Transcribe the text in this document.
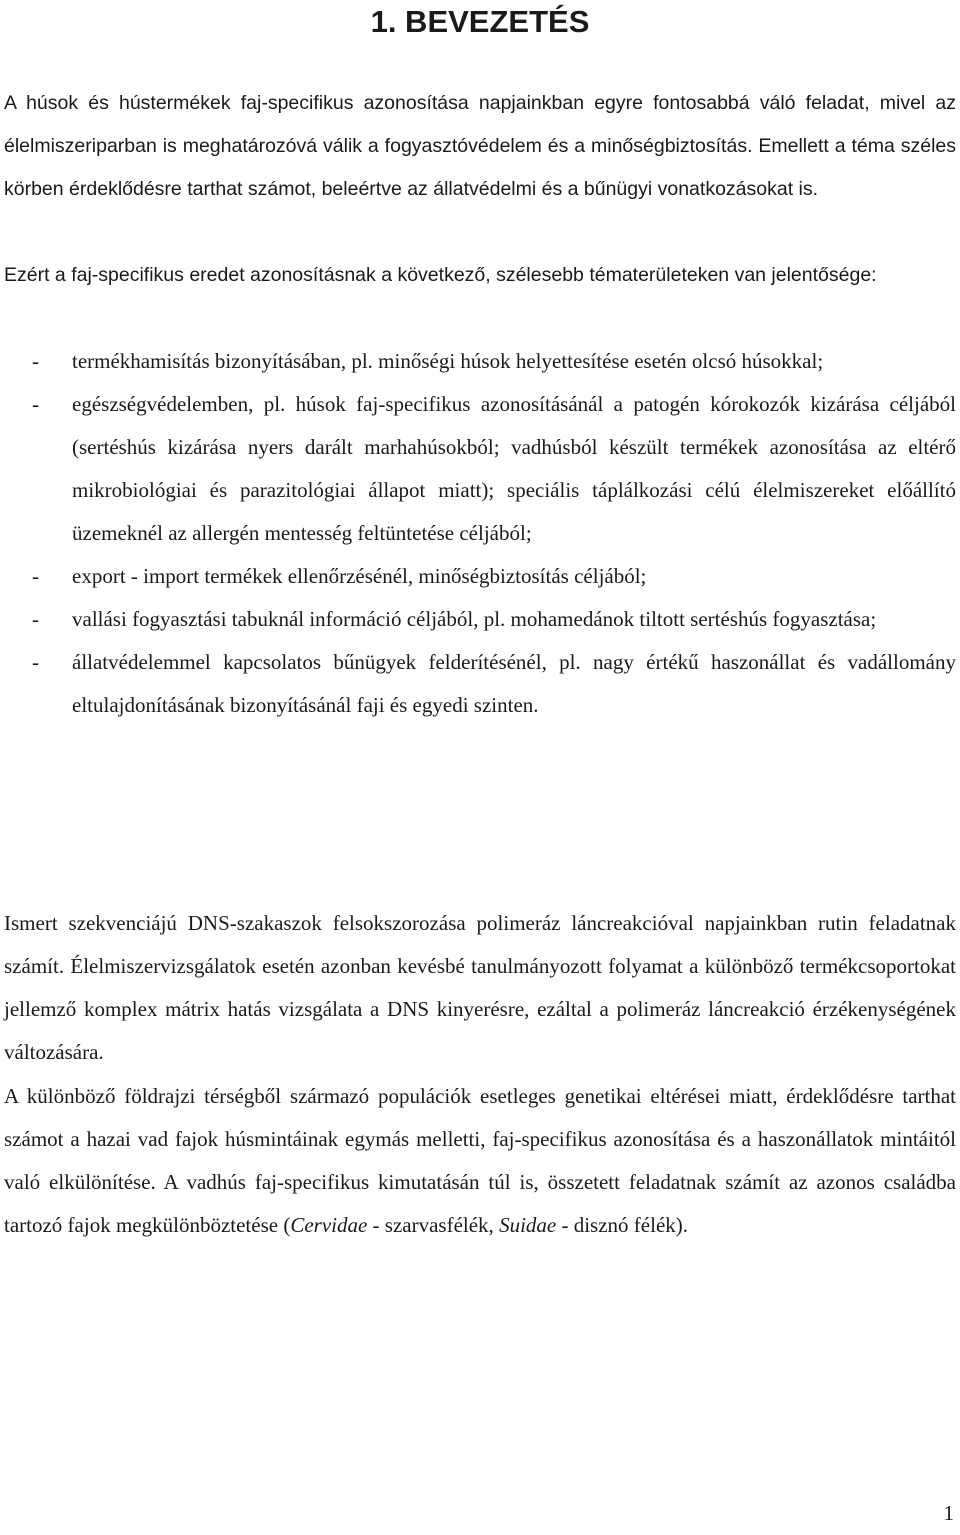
1. BEVEZETÉS

A húsok és hústermékek faj-specifikus azonosítása napjainkban egyre fontosabbá váló feladat, mivel az élelmiszeriparban is meghatározóvá válik a fogyasztóvédelem és a minőségbiztosítás. Emellett a téma széles körben érdeklődésre tarthat számot, beleértve az állatvédelmi és a bűnügyi vonatkozásokat is.

Ezért a faj-specifikus eredet azonosításnak a következő, szélesebb tématerületeken van jelentősége:

- termékhamisítás bizonyításában, pl. minőségi húsok helyettesítése esetén olcsó húsokkal;
- egészségvédelemben, pl. húsok faj-specifikus azonosításánál a patogén kórokozók kizárása céljából (sertéshús kizárása nyers darált marhahúsokból; vadhúsból készült termékek azonosítása az eltérő mikrobiológiai és parazitológiai állapot miatt); speciális táplálkozási célú élelmiszereket előállító üzemeknél az allergén mentesség feltüntetése céljából;
- export - import termékek ellenőrzésénél, minőségbiztosítás céljából;
- vallási fogyasztási tabuknál információ céljából, pl. mohamedánok tiltott sertéshús fogyasztása;
- állatvédelemmel kapcsolatos bűnügyek felderítésénél, pl. nagy értékű haszonállat és vadállomány eltulajdonításának bizonyításánál faji és egyedi szinten.

Ismert szekvenciájú DNS-szakaszok felsokszorozása polimeráz láncreakcióval napjainkban rutin feladatnak számít. Élelmiszervizsgálatok esetén azonban kevésbé tanulmányozott folyamat a különböző termékcsoportokat jellemző komplex mátrix hatás vizsgálata a DNS kinyerésre, ezáltal a polimeráz láncreakció érzékenységének változására.

A különböző földrajzi térségből származó populációk esetleges genetikai eltérései miatt, érdeklődésre tarthat számot a hazai vad fajok húsmintáinak egymás melletti, faj-specifikus azonosítása és a haszonállatok mintáitól való elkülönítése. A vadhús faj-specifikus kimutatásán túl is, összetett feladatnak számít az azonos családba tartozó fajok megkülönböztetése (Cervidae - szarvasfélék, Suidae - disznó félék).

1
